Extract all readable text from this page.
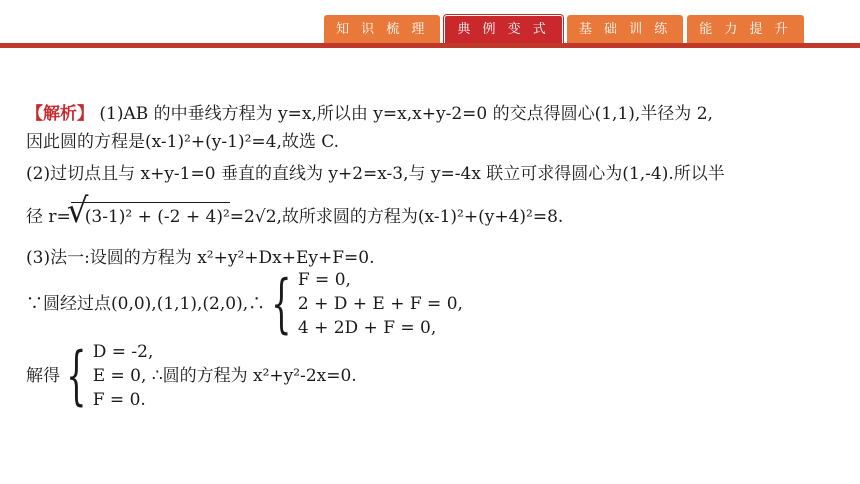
知 识 梳 理	典 例 变 式	基 础 训 练	能 力 提 升
【解析】 (1)AB 的中垂线方程为 y=x,所以由 y=x,x+y-2=0 的交点得圆心(1,1),半径为 2,
因此圆的方程是(x-1)²+(y-1)²=4,故选 C.
(2)过切点且与 x+y-1=0 垂直的直线为 y+2=x-3,与 y=-4x 联立可求得圆心为(1,-4).所以半
径 r=√ (3-1)² + (-2 + 4)²=2√2,故所求圆的方程为(x-1)²+(y+4)²=8.
(3)法一:设圆的方程为 x²+y²+Dx+Ey+F=0.
∵圆经过点(0,0),(1,1),(2,0),∴{ F = 0,
2 + D + E + F = 0,
4 + 2D + F = 0,
解得{ D = -2,
E = 0, ∴圆的方程为 x²+y²-2x=0.
F = 0.
